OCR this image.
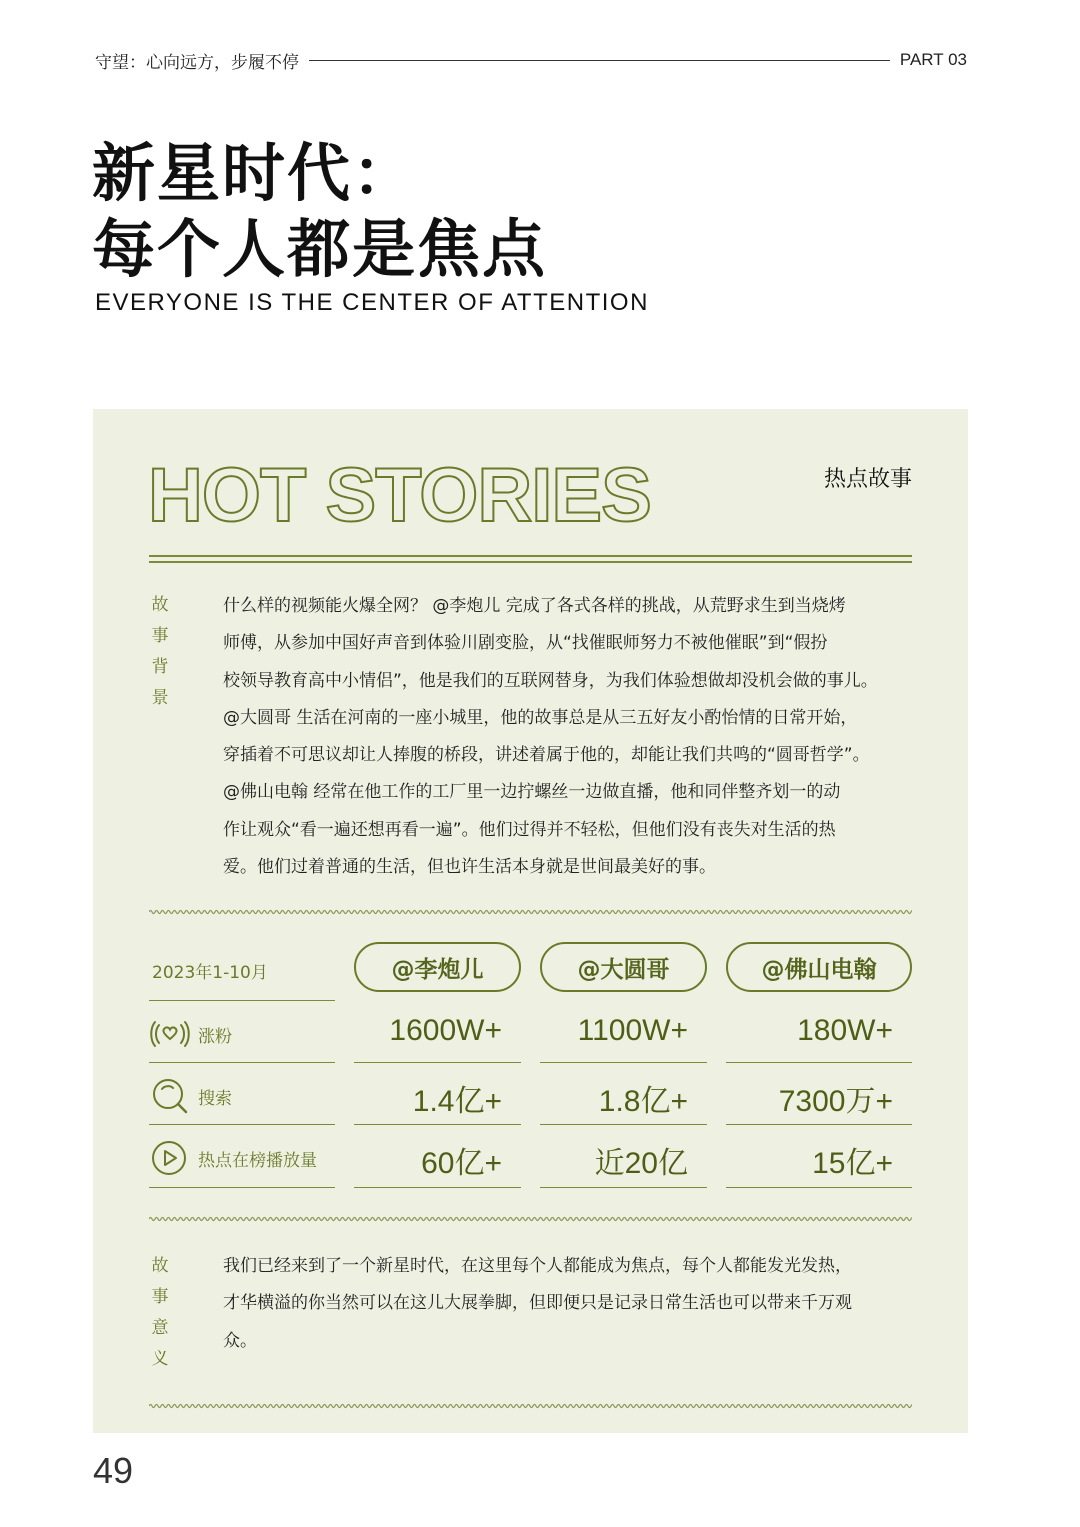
守望：心向远方，步履不停	PART 03
新星时代：
每个人都是焦点
EVERYONE IS THE CENTER OF ATTENTION
HOT STORIES	热点故事
故
事
背
景

什么样的视频能火爆全网？ @李炮儿 完成了各式各样的挑战，从荒野求生到当烧烤

师傅，从参加中国好声音到体验川剧变脸，从“找催眠师努力不被他催眠”到“假扮

校领导教育高中小情侣”，他是我们的互联网替身，为我们体验想做却没机会做的事儿。

@大圆哥 生活在河南的一座小城里，他的故事总是从三五好友小酌怡情的日常开始，

穿插着不可思议却让人捧腹的桥段，讲述着属于他的，却能让我们共鸣的“圆哥哲学”。

@佛山电翰 经常在他工作的工厂里一边拧螺丝一边做直播，他和同伴整齐划一的动

作让观众“看一遍还想再看一遍”。他们过得并不轻松，但他们没有丧失对生活的热

爱。他们过着普通的生活，但也许生活本身就是世间最美好的事。

2023年1-10月	@李炮儿	@大圆哥	@佛山电翰
涨粉	1600W+	1100W+	180W+
搜索	1.4亿+	1.8亿+	7300万+
热点在榜播放量	60亿+	近20亿	15亿+
故
事
意
义

我们已经来到了一个新星时代，在这里每个人都能成为焦点，每个人都能发光发热，

才华横溢的你当然可以在这儿大展拳脚，但即便只是记录日常生活也可以带来千万观

众。

49
